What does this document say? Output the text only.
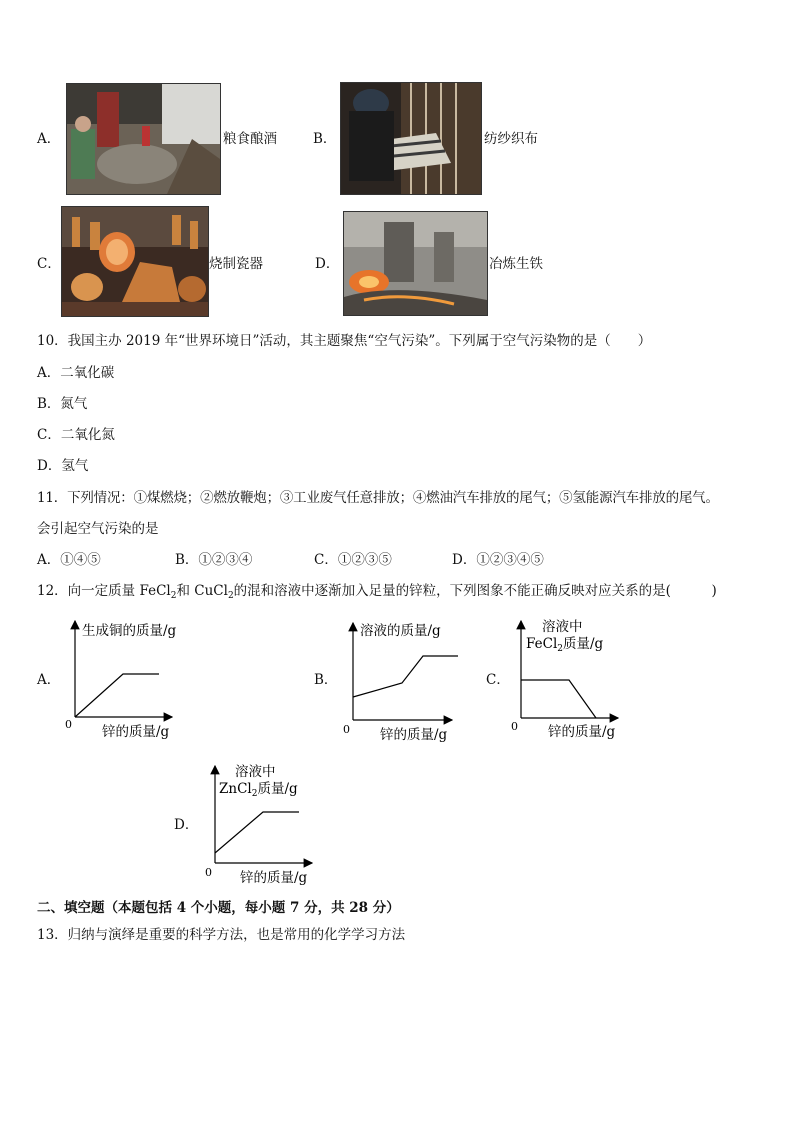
A．	粮食酿酒	B．	纺纱织布
C．	烧制瓷器	D．	冶炼生铁
10．我国主办 2019 年“世界环境日”活动，其主题聚焦“空气污染”。下列属于空气污染物的是（　　）
A．二氧化碳
B．氮气
C．二氧化氮
D．氢气
11．下列情况：①煤燃烧；②燃放鞭炮；③工业废气任意排放；④燃油汽车排放的尾气；⑤氢能源汽车排放的尾气。
会引起空气污染的是
A．①④⑤	B．①②③④	C．①②③⑤	D．①②③④⑤
12．向一定质量 FeCl$_2$和 CuCl$_2$的混和溶液中逐渐加入足量的锌粒，下列图象不能正确反映对应关系的是(　　　)
A．
生成铜的质量/g
0 锌的质量/g
B．
溶液的质量/g
0 锌的质量/g
C．
溶液中
FeCl$_2$质量/g
0 锌的质量/g
D．
溶液中
ZnCl$_2$质量/g
0 锌的质量/g
二、填空题（本题包括 4 个小题，每小题 7 分，共 28 分）
13．归纳与演绎是重要的科学方法，也是常用的化学学习方法
